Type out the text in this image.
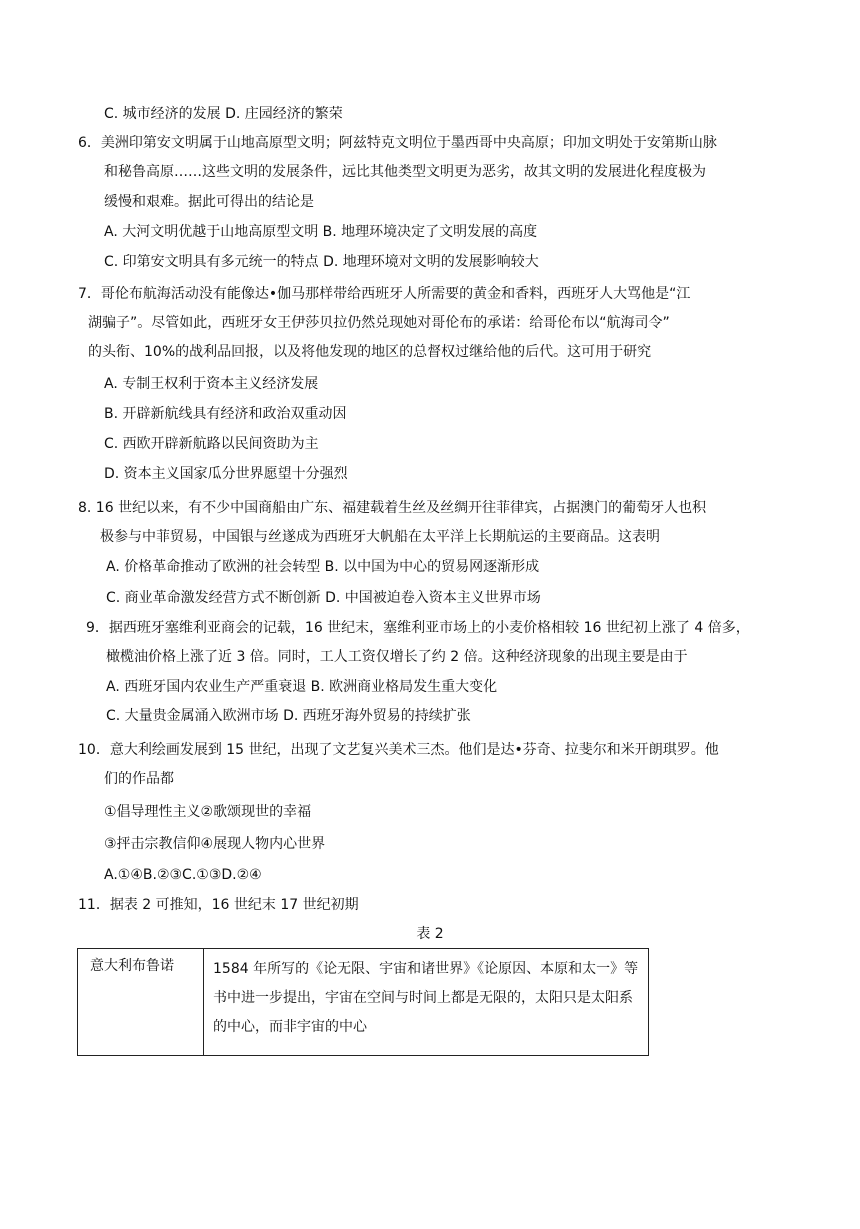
C. 城市经济的发展 D. 庄园经济的繁荣
6．美洲印第安文明属于山地高原型文明；阿兹特克文明位于墨西哥中央高原；印加文明处于安第斯山脉
和秘鲁高原……这些文明的发展条件，远比其他类型文明更为恶劣，故其文明的发展进化程度极为
缓慢和艰难。据此可得出的结论是
A. 大河文明优越于山地高原型文明 B. 地理环境决定了文明发展的高度
C. 印第安文明具有多元统一的特点 D. 地理环境对文明的发展影响较大
7．哥伦布航海活动没有能像达•伽马那样带给西班牙人所需要的黄金和香料，西班牙人大骂他是“江
湖骗子”。尽管如此，西班牙女王伊莎贝拉仍然兑现她对哥伦布的承诺：给哥伦布以“航海司令”
的头衔、10%的战利品回报，以及将他发现的地区的总督权过继给他的后代。这可用于研究
A. 专制王权利于资本主义经济发展
B. 开辟新航线具有经济和政治双重动因
C. 西欧开辟新航路以民间资助为主
D. 资本主义国家瓜分世界愿望十分强烈
8. 16 世纪以来，有不少中国商船由广东、福建载着生丝及丝绸开往菲律宾，占据澳门的葡萄牙人也积
极参与中菲贸易，中国银与丝遂成为西班牙大帆船在太平洋上长期航运的主要商品。这表明
A. 价格革命推动了欧洲的社会转型 B. 以中国为中心的贸易网逐渐形成
C. 商业革命激发经营方式不断创新 D. 中国被迫卷入资本主义世界市场
9．据西班牙塞维利亚商会的记载，16 世纪末，塞维利亚市场上的小麦价格相较 16 世纪初上涨了 4 倍多，
橄榄油价格上涨了近 3 倍。同时，工人工资仅增长了约 2 倍。这种经济现象的出现主要是由于
A. 西班牙国内农业生产严重衰退 B. 欧洲商业格局发生重大变化
C. 大量贵金属涌入欧洲市场 D. 西班牙海外贸易的持续扩张
10．意大利绘画发展到 15 世纪，出现了文艺复兴美术三杰。他们是达•芬奇、拉斐尔和米开朗琪罗。他
们的作品都
①倡导理性主义②歌颂现世的幸福
③抨击宗教信仰④展现人物内心世界
A.①④B.②③C.①③D.②④
11．据表 2 可推知，16 世纪末 17 世纪初期
表 2
意大利布鲁诺	1584 年所写的《论无限、宇宙和诸世界》《论原因、本原和太一》等书中进一步提出，宇宙在空间与时间上都是无限的，太阳只是太阳系的中心，而非宇宙的中心
